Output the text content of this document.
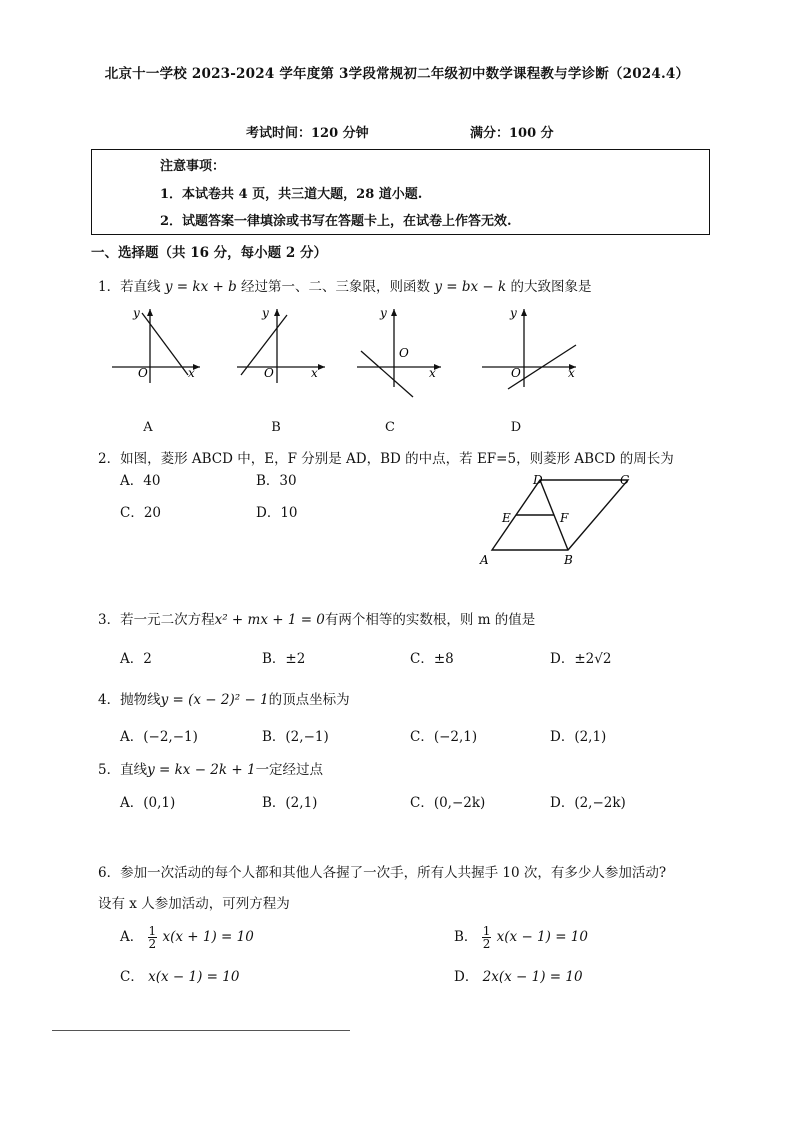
北京十一学校 2023-2024 学年度第 3学段常规初二年级初中数学课程教与学诊断（2024.4）
考试时间：120 分钟	满分：100 分
注意事项：
1．本试卷共 4 页，共三道大题，28 道小题.
2．试题答案一律填涂或书写在答题卡上，在试卷上作答无效.
一、选择题（共 16 分，每小题 2 分）
1．若直线 y = kx + b 经过第一、二、三象限，则函数 y = bx − k 的大致图象是
y
x
O
y
x
O
y
x
O
y
x
O
A	B	C	D
2．如图，菱形 ABCD 中，E，F 分别是 AD，BD 的中点，若 EF=5，则菱形 ABCD 的周长为
A．40	B．30
C．20	D．10
A	B
C
D
E	F
3．若一元二次方程x² + mx + 1 = 0有两个相等的实数根，则 m 的值是
A．2	B．±2	C．±8	D．±2√2
4．抛物线y = (x − 2)² − 1的顶点坐标为
A．(−2,−1)	B．(2,−1)	C．(−2,1)	D．(2,1)
5．直线y = kx − 2k + 1一定经过点
A．(0,1)	B．(2,1)	C．(0,−2k)	D．(2,−2k)
6．参加一次活动的每个人都和其他人各握了一次手，所有人共握手 10 次，有多少人参加活动?
设有 x 人参加活动，可列方程为
A． $\frac{1}{2} x(x + 1) = 10$	B． $\frac{1}{2} x(x - 1) = 10$
C． x(x − 1) = 10	D． 2x(x − 1) = 10
